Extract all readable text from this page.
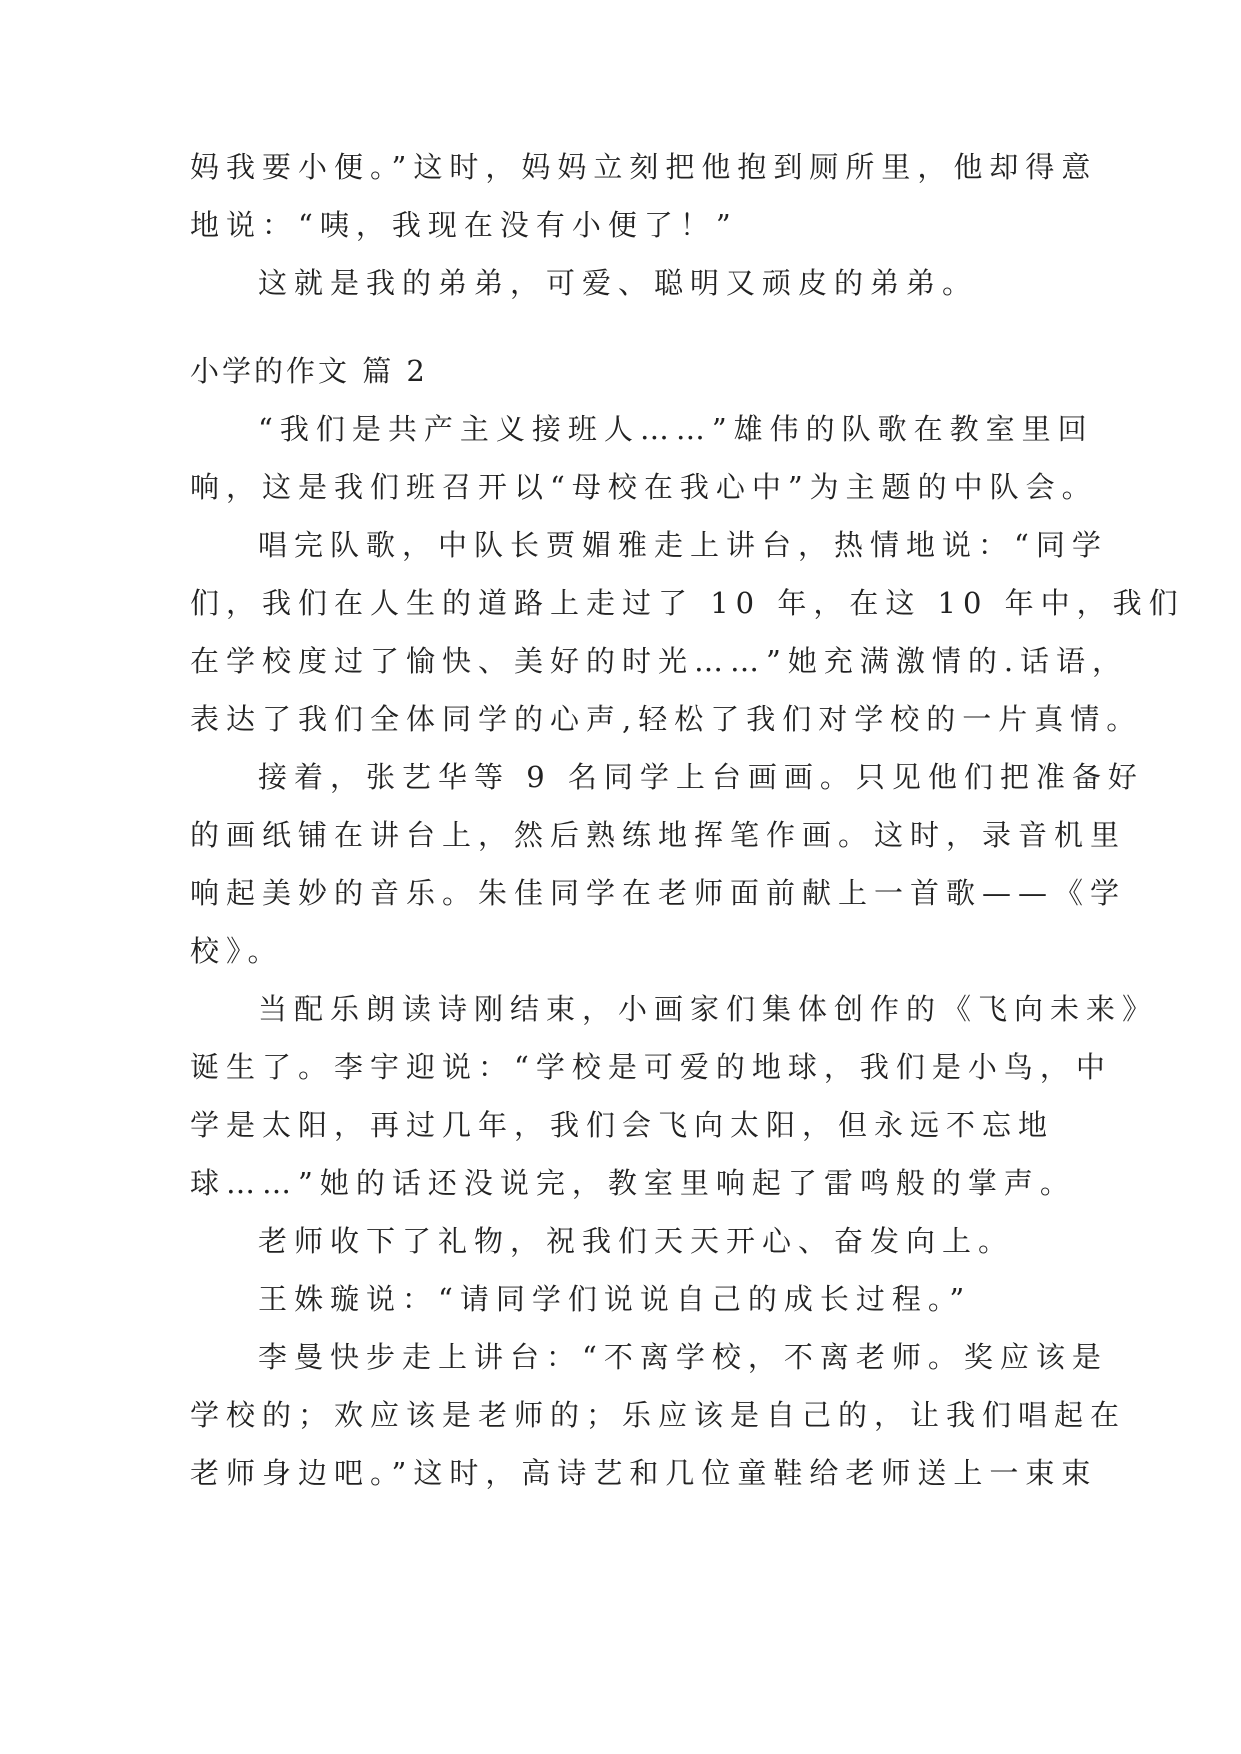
妈我要小便。”这时，妈妈立刻把他抱到厕所里，他却得意
地说：“咦，我现在没有小便了！”
这就是我的弟弟，可爱、聪明又顽皮的弟弟。
小学的作文 篇 2
“我们是共产主义接班人……”雄伟的队歌在教室里回
响，这是我们班召开以“母校在我心中”为主题的中队会。
唱完队歌，中队长贾媚雅走上讲台，热情地说：“同学
们，我们在人生的道路上走过了 10 年，在这 10 年中，我们
在学校度过了愉快、美好的时光……”她充满激情的.话语，
表达了我们全体同学的心声,轻松了我们对学校的一片真情。
接着，张艺华等 9 名同学上台画画。只见他们把准备好
的画纸铺在讲台上，然后熟练地挥笔作画。这时，录音机里
响起美妙的音乐。朱佳同学在老师面前献上一首歌——《学
校》。
当配乐朗读诗刚结束，小画家们集体创作的《飞向未来》
诞生了。李宇迎说：“学校是可爱的地球，我们是小鸟，中
学是太阳，再过几年，我们会飞向太阳，但永远不忘地
球……”她的话还没说完，教室里响起了雷鸣般的掌声。
老师收下了礼物，祝我们天天开心、奋发向上。
王姝璇说：“请同学们说说自己的成长过程。”
李曼快步走上讲台：“不离学校，不离老师。奖应该是
学校的；欢应该是老师的；乐应该是自己的，让我们唱起在
老师身边吧。”这时，高诗艺和几位童鞋给老师送上一束束
